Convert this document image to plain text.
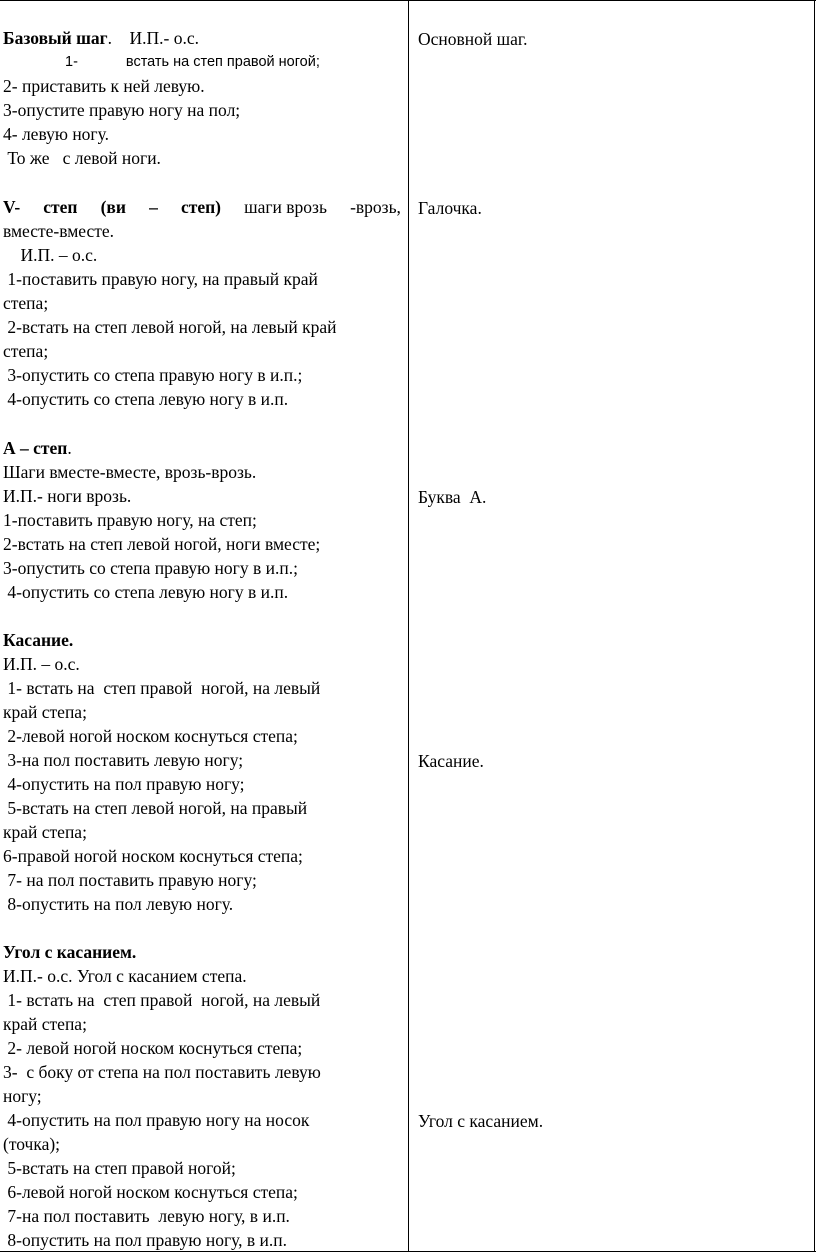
Базовый шаг. И.П.- о.с.
1-	встать на степ правой ногой;
2- приставить к ней левую.
3-опустите правую ногу на пол;
4- левую ногу.
То же   с левой ноги.
V- степ (ви – степ) шаги врозь -врозь,
вместе-вместе.
И.П. – о.с.
1-поставить правую ногу, на правый край
степа;
2-встать на степ левой ногой, на левый край
степа;
3-опустить со степа правую ногу в и.п.;
4-опустить со степа левую ногу в и.п.
А – степ.
Шаги вместе-вместе, врозь-врозь.
И.П.- ноги врозь.
1-поставить правую ногу, на степ;
2-встать на степ левой ногой, ноги вместе;
3-опустить со степа правую ногу в и.п.;
4-опустить со степа левую ногу в и.п.
Касание.
И.П. – о.с.
1- встать на  степ правой  ногой, на левый
край степа;
2-левой ногой носком коснуться степа;
3-на пол поставить левую ногу;
4-опустить на пол правую ногу;
5-встать на степ левой ногой, на правый
край степа;
6-правой ногой носком коснуться степа;
7- на пол поставить правую ногу;
8-опустить на пол левую ногу.
Угол с касанием.
И.П.- о.с. Угол с касанием степа.
1- встать на  степ правой  ногой, на левый
край степа;
2- левой ногой носком коснуться степа;
3-  с боку от степа на пол поставить левую
ногу;
4-опустить на пол правую ногу на носок
(точка);
5-встать на степ правой ногой;
6-левой ногой носком коснуться степа;
7-на пол поставить  левую ногу, в и.п.
8-опустить на пол правую ногу, в и.п.
Основной шаг.
Галочка.
Буква  А.
Касание.
Угол с касанием.
